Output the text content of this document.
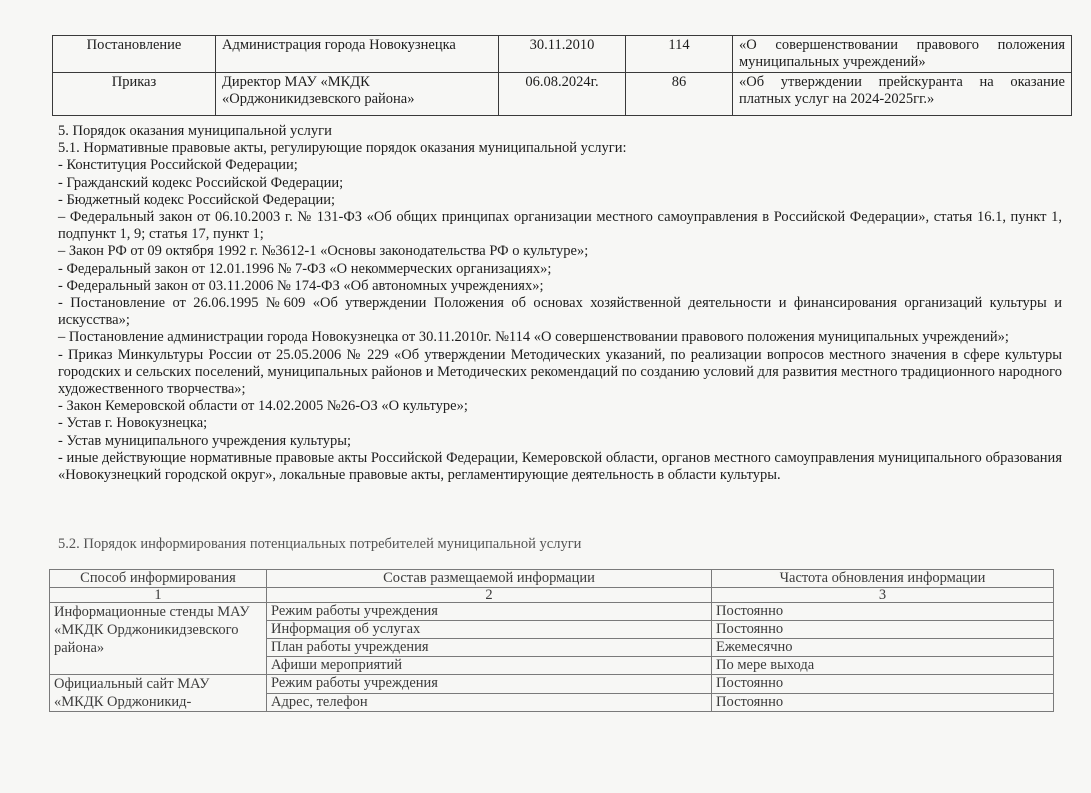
Постановление	Администрация города Новокузнецка	30.11.2010	114	«О совершенствовании правового положения муниципальных учреждений»
Приказ	Директор МАУ «МКДК «Орджоникидзевского района»	06.08.2024г.	86	«Об утверждении прейскуранта на оказание платных услуг на 2024-2025гг.»
5. Порядок оказания муниципальной услуги
5.1. Нормативные правовые акты, регулирующие порядок оказания муниципальной услуги:
- Конституция Российской Федерации;
- Гражданский кодекс Российской Федерации;
- Бюджетный кодекс Российской Федерации;
– Федеральный закон от 06.10.2003 г. № 131-ФЗ «Об общих принципах организации местного самоуправления в Российской Федерации», статья 16.1, пункт 1, подпункт 1, 9; статья 17, пункт 1;
– Закон РФ от 09 октября 1992 г. №3612-1 «Основы законодательства РФ о культуре»;
- Федеральный закон от 12.01.1996 № 7-ФЗ «О некоммерческих организациях»;
- Федеральный закон от 03.11.2006 № 174-ФЗ «Об автономных учреждениях»;
- Постановление от 26.06.1995 №609 «Об утверждении Положения об основах хозяйственной деятельности и финансирования организаций культуры и искусства»;
– Постановление администрации города Новокузнецка от 30.11.2010г. №114 «О совершенствовании правового положения муниципальных учреждений»;
- Приказ Минкультуры России от 25.05.2006 № 229 «Об утверждении Методических указаний, по реализации вопросов местного значения в сфере культуры городских и сельских поселений, муниципальных районов и Методических рекомендаций по созданию условий для развития местного традиционного народного художественного творчества»;
- Закон Кемеровской области от 14.02.2005 №26-ОЗ «О культуре»;
- Устав г. Новокузнецка;
- Устав муниципального учреждения культуры;
- иные действующие нормативные правовые акты Российской Федерации, Кемеровской области, органов местного самоуправления муниципального образования «Новокузнецкий городской округ», локальные правовые акты, регламентирующие деятельность в области культуры.
5.2. Порядок информирования потенциальных потребителей муниципальной услуги
Способ информирования	Состав размещаемой информации	Частота обновления информации
1	2	3
Информационные стенды МАУ «МКДК Орджоникидзевского района»	Режим работы учреждения	Постоянно
	Информация об услугах	Постоянно
	План работы учреждения	Ежемесячно
	Афиши мероприятий	По мере выхода
Официальный сайт МАУ «МКДК Орджоникид-	Режим работы учреждения	Постоянно
	Адрес, телефон	Постоянно
